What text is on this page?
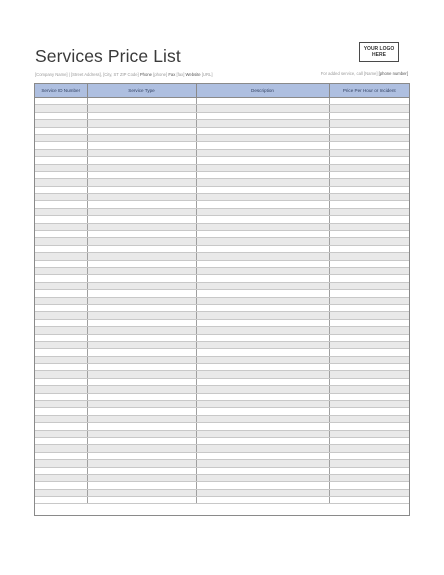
Services Price List	YOUR LOGO
HERE
[Company Name] | [Street Address], [City, ST ZIP Code] Phone [phone] Fax [fax] Website [URL]	For added service, call [Name] [phone number]
Service ID Number	Service Type	Description	Price Per Hour or Incident
